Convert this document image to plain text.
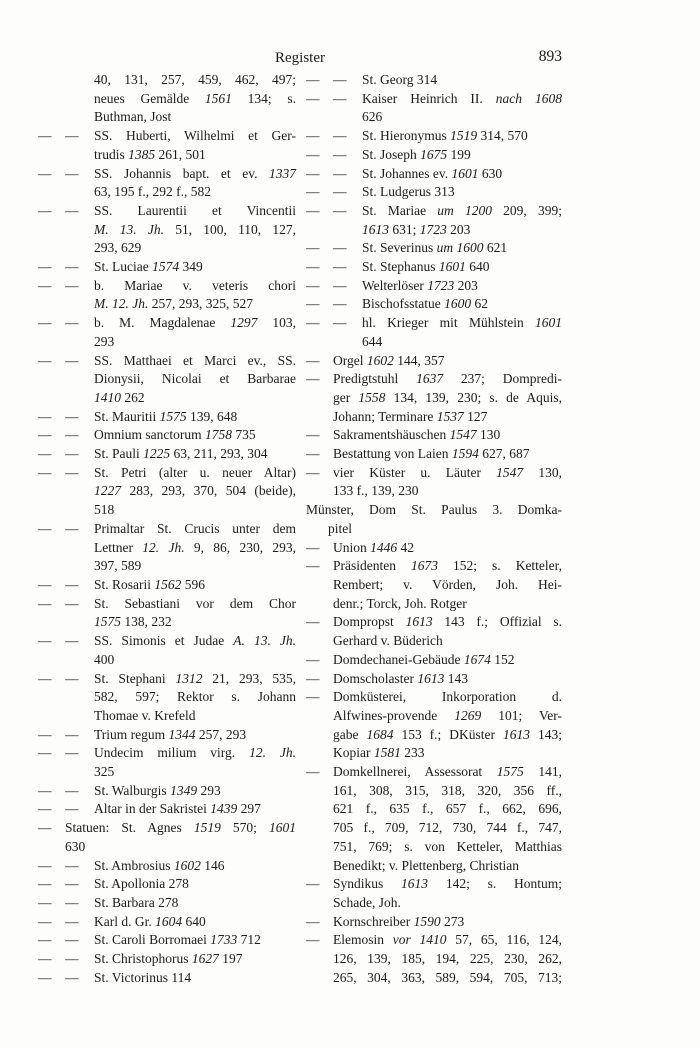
Register	893
40, 131, 257, 459, 462, 497;
neues Gemälde 1561 134; s.
Buthman, Jost
— — SS. Huberti, Wilhelmi et Ger-
trudis 1385 261, 501
— — SS. Johannis bapt. et ev. 1337
63, 195 f., 292 f., 582
— — SS. Laurentii et Vincentii
M. 13. Jh. 51, 100, 110, 127,
293, 629
— — St. Luciae 1574 349
— — b. Mariae v. veteris chori
M. 12. Jh. 257, 293, 325, 527
— — b. M. Magdalenae 1297 103,
293
— — SS. Matthaei et Marci ev., SS.
Dionysii, Nicolai et Barbarae
1410 262
— — St. Mauritii 1575 139, 648
— — Omnium sanctorum 1758 735
— — St. Pauli 1225 63, 211, 293, 304
— — St. Petri (alter u. neuer Altar)
1227 283, 293, 370, 504 (beide),
518
— — Primaltar St. Crucis unter dem
Lettner 12. Jh. 9, 86, 230, 293,
397, 589
— — St. Rosarii 1562 596
— — St. Sebastiani vor dem Chor
1575 138, 232
— — SS. Simonis et Judae A. 13. Jh.
400
— — St. Stephani 1312 21, 293, 535,
582, 597; Rektor s. Johann
Thomae v. Krefeld
— — Trium regum 1344 257, 293
— — Undecim milium virg. 12. Jh.
325
— — St. Walburgis 1349 293
— — Altar in der Sakristei 1439 297
— Statuen: St. Agnes 1519 570; 1601
630
— — St. Ambrosius 1602 146
— — St. Apollonia 278
— — St. Barbara 278
— — Karl d. Gr. 1604 640
— — St. Caroli Borromaei 1733 712
— — St. Christophorus 1627 197
— — St. Victorinus 114
— — St. Georg 314
— — Kaiser Heinrich II. nach 1608
626
— — St. Hieronymus 1519 314, 570
— — St. Joseph 1675 199
— — St. Johannes ev. 1601 630
— — St. Ludgerus 313
— — St. Mariae um 1200 209, 399;
1613 631; 1723 203
— — St. Severinus um 1600 621
— — St. Stephanus 1601 640
— — Welterlöser 1723 203
— — Bischofsstatue 1600 62
— — hl. Krieger mit Mühlstein 1601
644
— Orgel 1602 144, 357
— Predigtstuhl 1637 237; Dompredi-
ger 1558 134, 139, 230; s. de Aquis,
Johann; Terminare 1537 127
— Sakramentshäuschen 1547 130
— Bestattung von Laien 1594 627, 687
— vier Küster u. Läuter 1547 130,
133 f., 139, 230
Münster, Dom St. Paulus 3. Domka-
pitel
— Union 1446 42
— Präsidenten 1673 152; s. Ketteler,
Rembert; v. Vörden, Joh. Hei-
denr.; Torck, Joh. Rotger
— Dompropst 1613 143 f.; Offizial s.
Gerhard v. Büderich
— Domdechanei-Gebäude 1674 152
— Domscholaster 1613 143
— Domküsterei, Inkorporation d.
Alfwines-provende 1269 101; Ver-
gabe 1684 153 f.; DKüster 1613 143;
Kopiar 1581 233
— Domkellnerei, Assessorat 1575 141,
161, 308, 315, 318, 320, 356 ff.,
621 f., 635 f., 657 f., 662, 696,
705 f., 709, 712, 730, 744 f., 747,
751, 769; s. von Ketteler, Matthias
Benedikt; v. Plettenberg, Christian
— Syndikus 1613 142; s. Hontum;
Schade, Joh.
— Kornschreiber 1590 273
— Elemosin vor 1410 57, 65, 116, 124,
126, 139, 185, 194, 225, 230, 262,
265, 304, 363, 589, 594, 705, 713;
